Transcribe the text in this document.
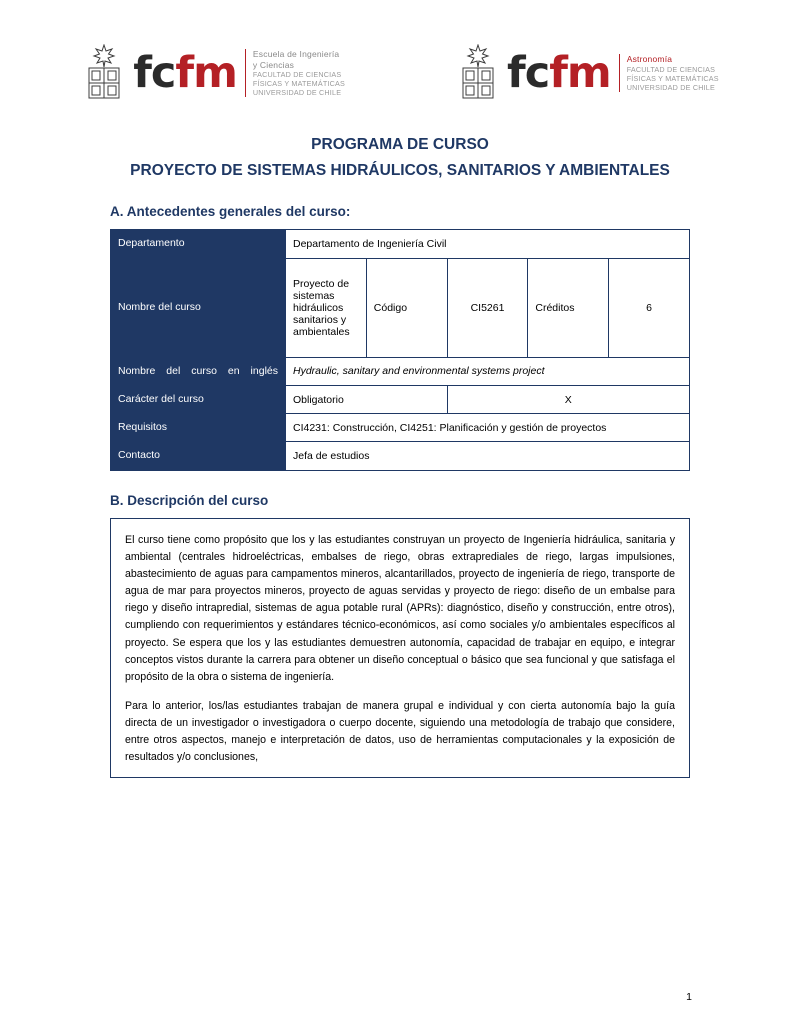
fcfm Escuela de Ingeniería
y Ciencias
FACULTAD DE CIENCIAS
FÍSICAS Y MATEMÁTICAS
UNIVERSIDAD DE CHILE	fcfm Astronomía
FACULTAD DE CIENCIAS
FÍSICAS Y MATEMÁTICAS
UNIVERSIDAD DE CHILE
PROGRAMA DE CURSO
PROYECTO DE SISTEMAS HIDRÁULICOS, SANITARIOS Y AMBIENTALES
A. Antecedentes generales del curso:
Departamento	Departamento de Ingeniería Civil				
Nombre del curso	Proyecto de sistemas hidráulicos sanitarios y ambientales	Código	CI5261	Créditos	6
Nombre del curso en inglés	Hydraulic, sanitary and environmental systems project				
Carácter del curso	Obligatorio		X		
Requisitos	CI4231: Construcción, CI4251: Planificación y gestión de proyectos				
Contacto	Jefa de estudios				
B. Descripción del curso

El curso tiene como propósito que los y las estudiantes construyan un proyecto de Ingeniería hidráulica, sanitaria y ambiental (centrales hidroeléctricas, embalses de riego, obras extraprediales de riego, largas impulsiones, abastecimiento de aguas para campamentos mineros, alcantarillados, proyecto de ingeniería de riego, transporte de agua de mar para proyectos mineros, proyecto de aguas servidas y proyecto de riego: diseño de un embalse para riego y diseño intrapredial, sistemas de agua potable rural (APRs): diagnóstico, diseño y construcción, entre otros), cumpliendo con requerimientos y estándares técnico-económicos, así como sociales y/o ambientales específicos al proyecto. Se espera que los y las estudiantes demuestren autonomía, capacidad de trabajar en equipo, e integrar conceptos vistos durante la carrera para obtener un diseño conceptual o básico que sea funcional y que satisfaga el propósito de la obra o sistema de ingeniería.

Para lo anterior, los/las estudiantes trabajan de manera grupal e individual y con cierta autonomía bajo la guía directa de un investigador o investigadora o cuerpo docente, siguiendo una metodología de trabajo que considere, entre otros aspectos, manejo e interpretación de datos, uso de herramientas computacionales y la exposición de resultados y/o conclusiones,

1
